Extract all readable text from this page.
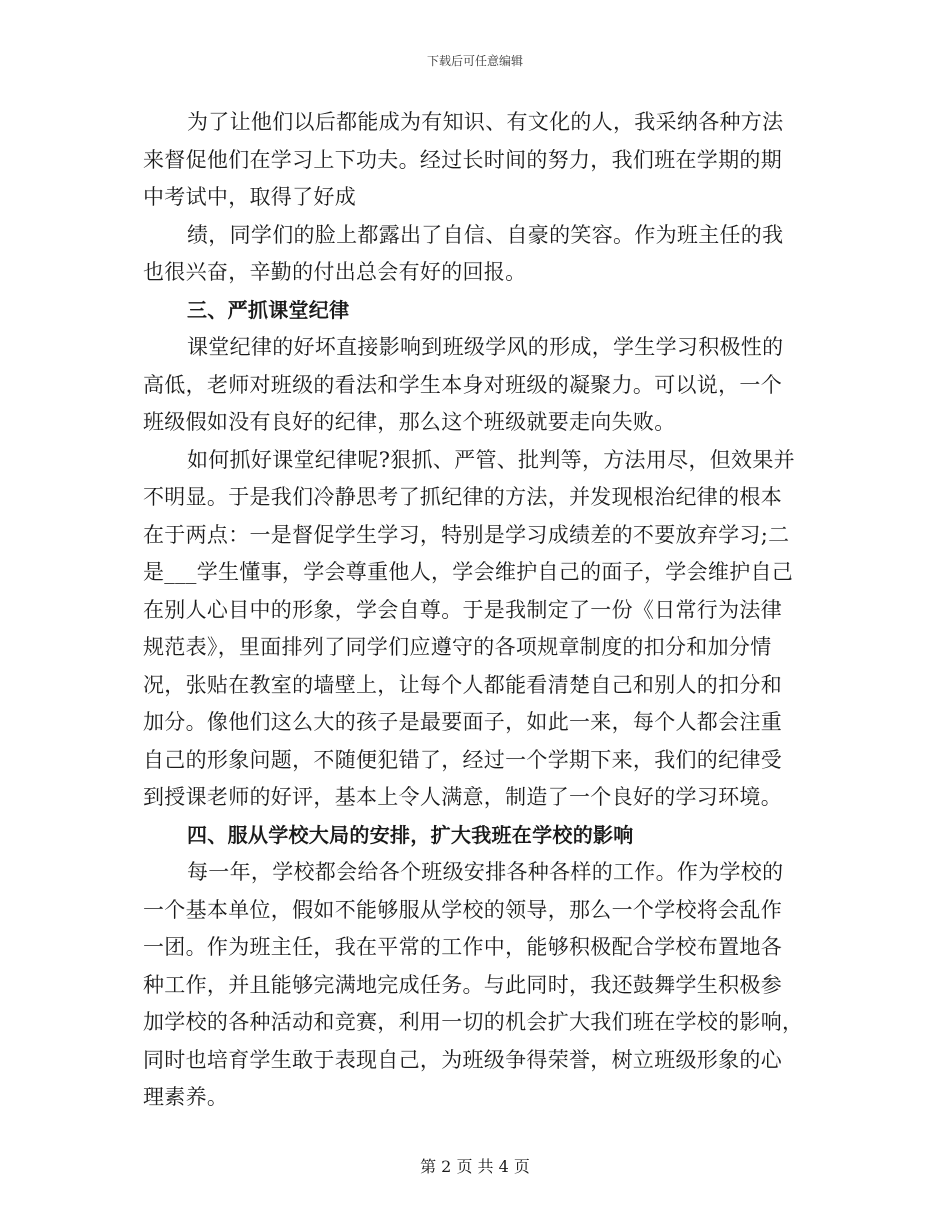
下载后可任意编辑
为了让他们以后都能成为有知识、有文化的人，我采纳各种方法
来督促他们在学习上下功夫。经过长时间的努力，我们班在学期的期
中考试中，取得了好成
绩，同学们的脸上都露出了自信、自豪的笑容。作为班主任的我
也很兴奋，辛勤的付出总会有好的回报。
三、严抓课堂纪律
课堂纪律的好坏直接影响到班级学风的形成，学生学习积极性的
高低，老师对班级的看法和学生本身对班级的凝聚力。可以说，一个
班级假如没有良好的纪律，那么这个班级就要走向失败。
如何抓好课堂纪律呢?狠抓、严管、批判等，方法用尽，但效果并
不明显。于是我们冷静思考了抓纪律的方法，并发现根治纪律的根本
在于两点：一是督促学生学习，特别是学习成绩差的不要放弃学习;二
是___学生懂事，学会尊重他人，学会维护自己的面子，学会维护自己
在别人心目中的形象，学会自尊。于是我制定了一份《日常行为法律
规范表》，里面排列了同学们应遵守的各项规章制度的扣分和加分情
况，张贴在教室的墙壁上，让每个人都能看清楚自己和别人的扣分和
加分。像他们这么大的孩子是最要面子，如此一来，每个人都会注重
自己的形象问题，不随便犯错了，经过一个学期下来，我们的纪律受
到授课老师的好评，基本上令人满意，制造了一个良好的学习环境。
四、服从学校大局的安排，扩大我班在学校的影响
每一年，学校都会给各个班级安排各种各样的工作。作为学校的
一个基本单位，假如不能够服从学校的领导，那么一个学校将会乱作
一团。作为班主任，我在平常的工作中，能够积极配合学校布置地各
种工作，并且能够完满地完成任务。与此同时，我还鼓舞学生积极参
加学校的各种活动和竞赛，利用一切的机会扩大我们班在学校的影响，
同时也培育学生敢于表现自己，为班级争得荣誉，树立班级形象的心
理素养。
第 2 页 共 4 页
